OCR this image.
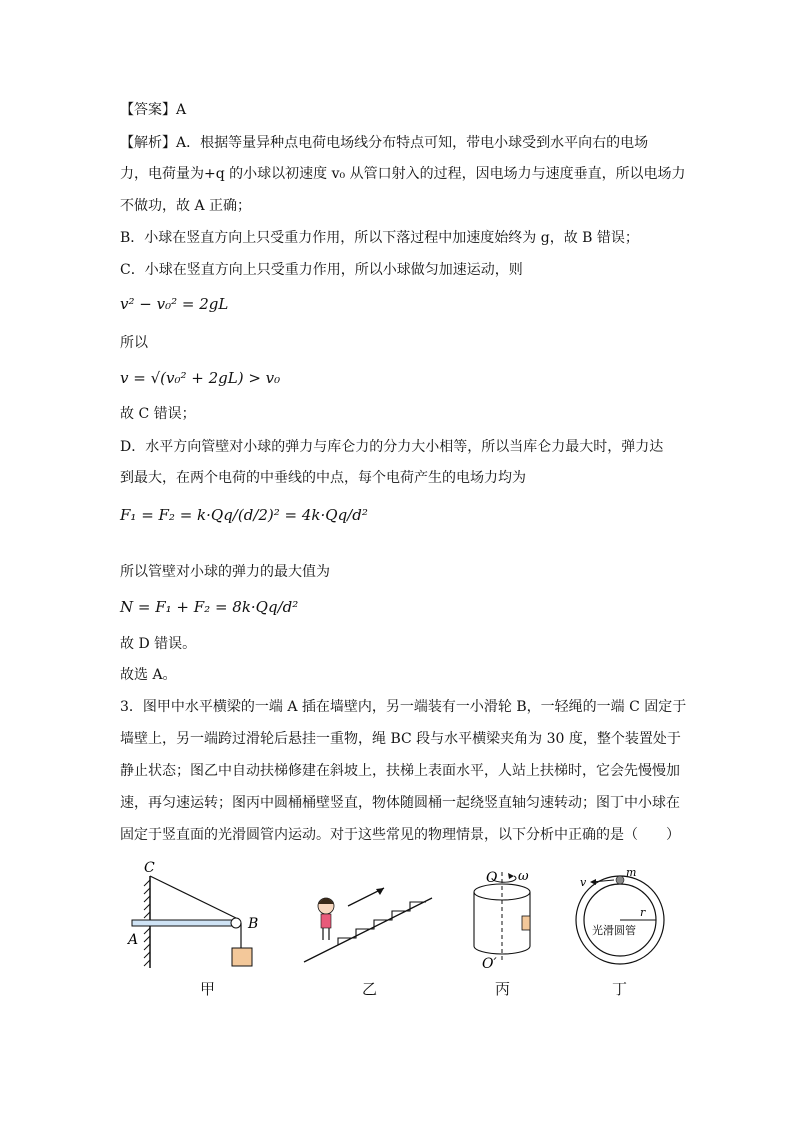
【答案】A
【解析】A．根据等量异种点电荷电场线分布特点可知，带电小球受到水平向右的电场
力，电荷量为+q 的小球以初速度 v₀ 从管口射入的过程，因电场力与速度垂直，所以电场力
不做功，故 A 正确；
B．小球在竖直方向上只受重力作用，所以下落过程中加速度始终为 g，故 B 错误；
C．小球在竖直方向上只受重力作用，所以小球做匀加速运动，则
v² − v₀² = 2gL
所以
v = √(v₀² + 2gL) > v₀
故 C 错误；
D．水平方向管壁对小球的弹力与库仑力的分力大小相等，所以当库仑力最大时，弹力达
到最大，在两个电荷的中垂线的中点，每个电荷产生的电场力均为
F₁ = F₂ = k·Qq/(d/2)² = 4k·Qq/d²
所以管壁对小球的弹力的最大值为
N = F₁ + F₂ = 8k·Qq/d²
故 D 错误。
故选 A。
3．图甲中水平横梁的一端 A 插在墙壁内，另一端装有一小滑轮 B，一轻绳的一端 C 固定于
墙壁上，另一端跨过滑轮后悬挂一重物，绳 BC 段与水平横梁夹角为 30 度，整个装置处于
静止状态；图乙中自动扶梯修建在斜坡上，扶梯上表面水平，人站上扶梯时，它会先慢慢加
速，再匀速运转；图丙中圆桶桶壁竖直，物体随圆桶一起绕竖直轴匀速转动；图丁中小球在
固定于竖直面的光滑圆管内运动。对于这些常见的物理情景，以下分析中正确的是（　　）
C
A
B
甲	乙
O ω
O′
丙
v
m
r
光滑圆管
丁
